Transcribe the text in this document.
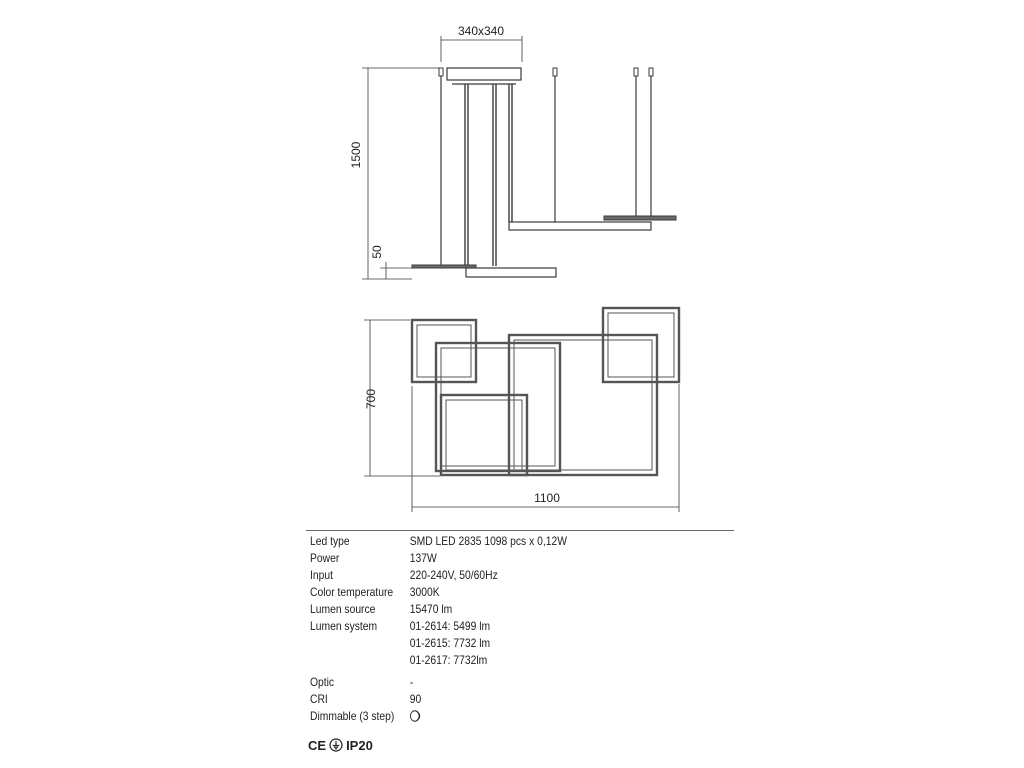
340x340
1500
50
700
1100
Led type	SMD LED 2835 1098 pcs x 0,12W
Power	137W
Input	220-240V, 50/60Hz
Color temperature	3000K
Lumen source	15470 lm
Lumen system	01-2614: 5499 lm
01-2615: 7732 lm
01-2617: 7732lm
Optic	-
CRI	90
Dimmable (3 step)
CE IP20
